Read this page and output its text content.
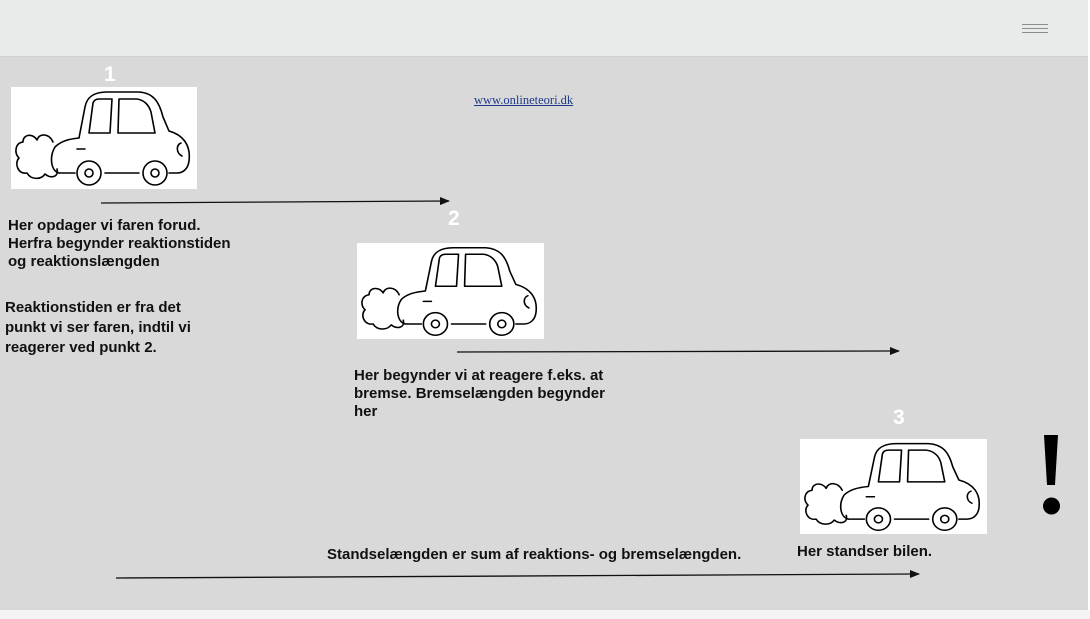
www.onlineteori.dk
1
Her opdager vi faren forud.
Herfra begynder reaktionstiden
og reaktionslængden
Reaktionstiden er fra det
punkt vi ser faren, indtil vi
reagerer ved punkt 2.
2
Her begynder vi at reagere f.eks. at
bremse. Bremselængden begynder
her	3
Her standser bilen.
Standselængden er sum af reaktions- og bremselængden.
